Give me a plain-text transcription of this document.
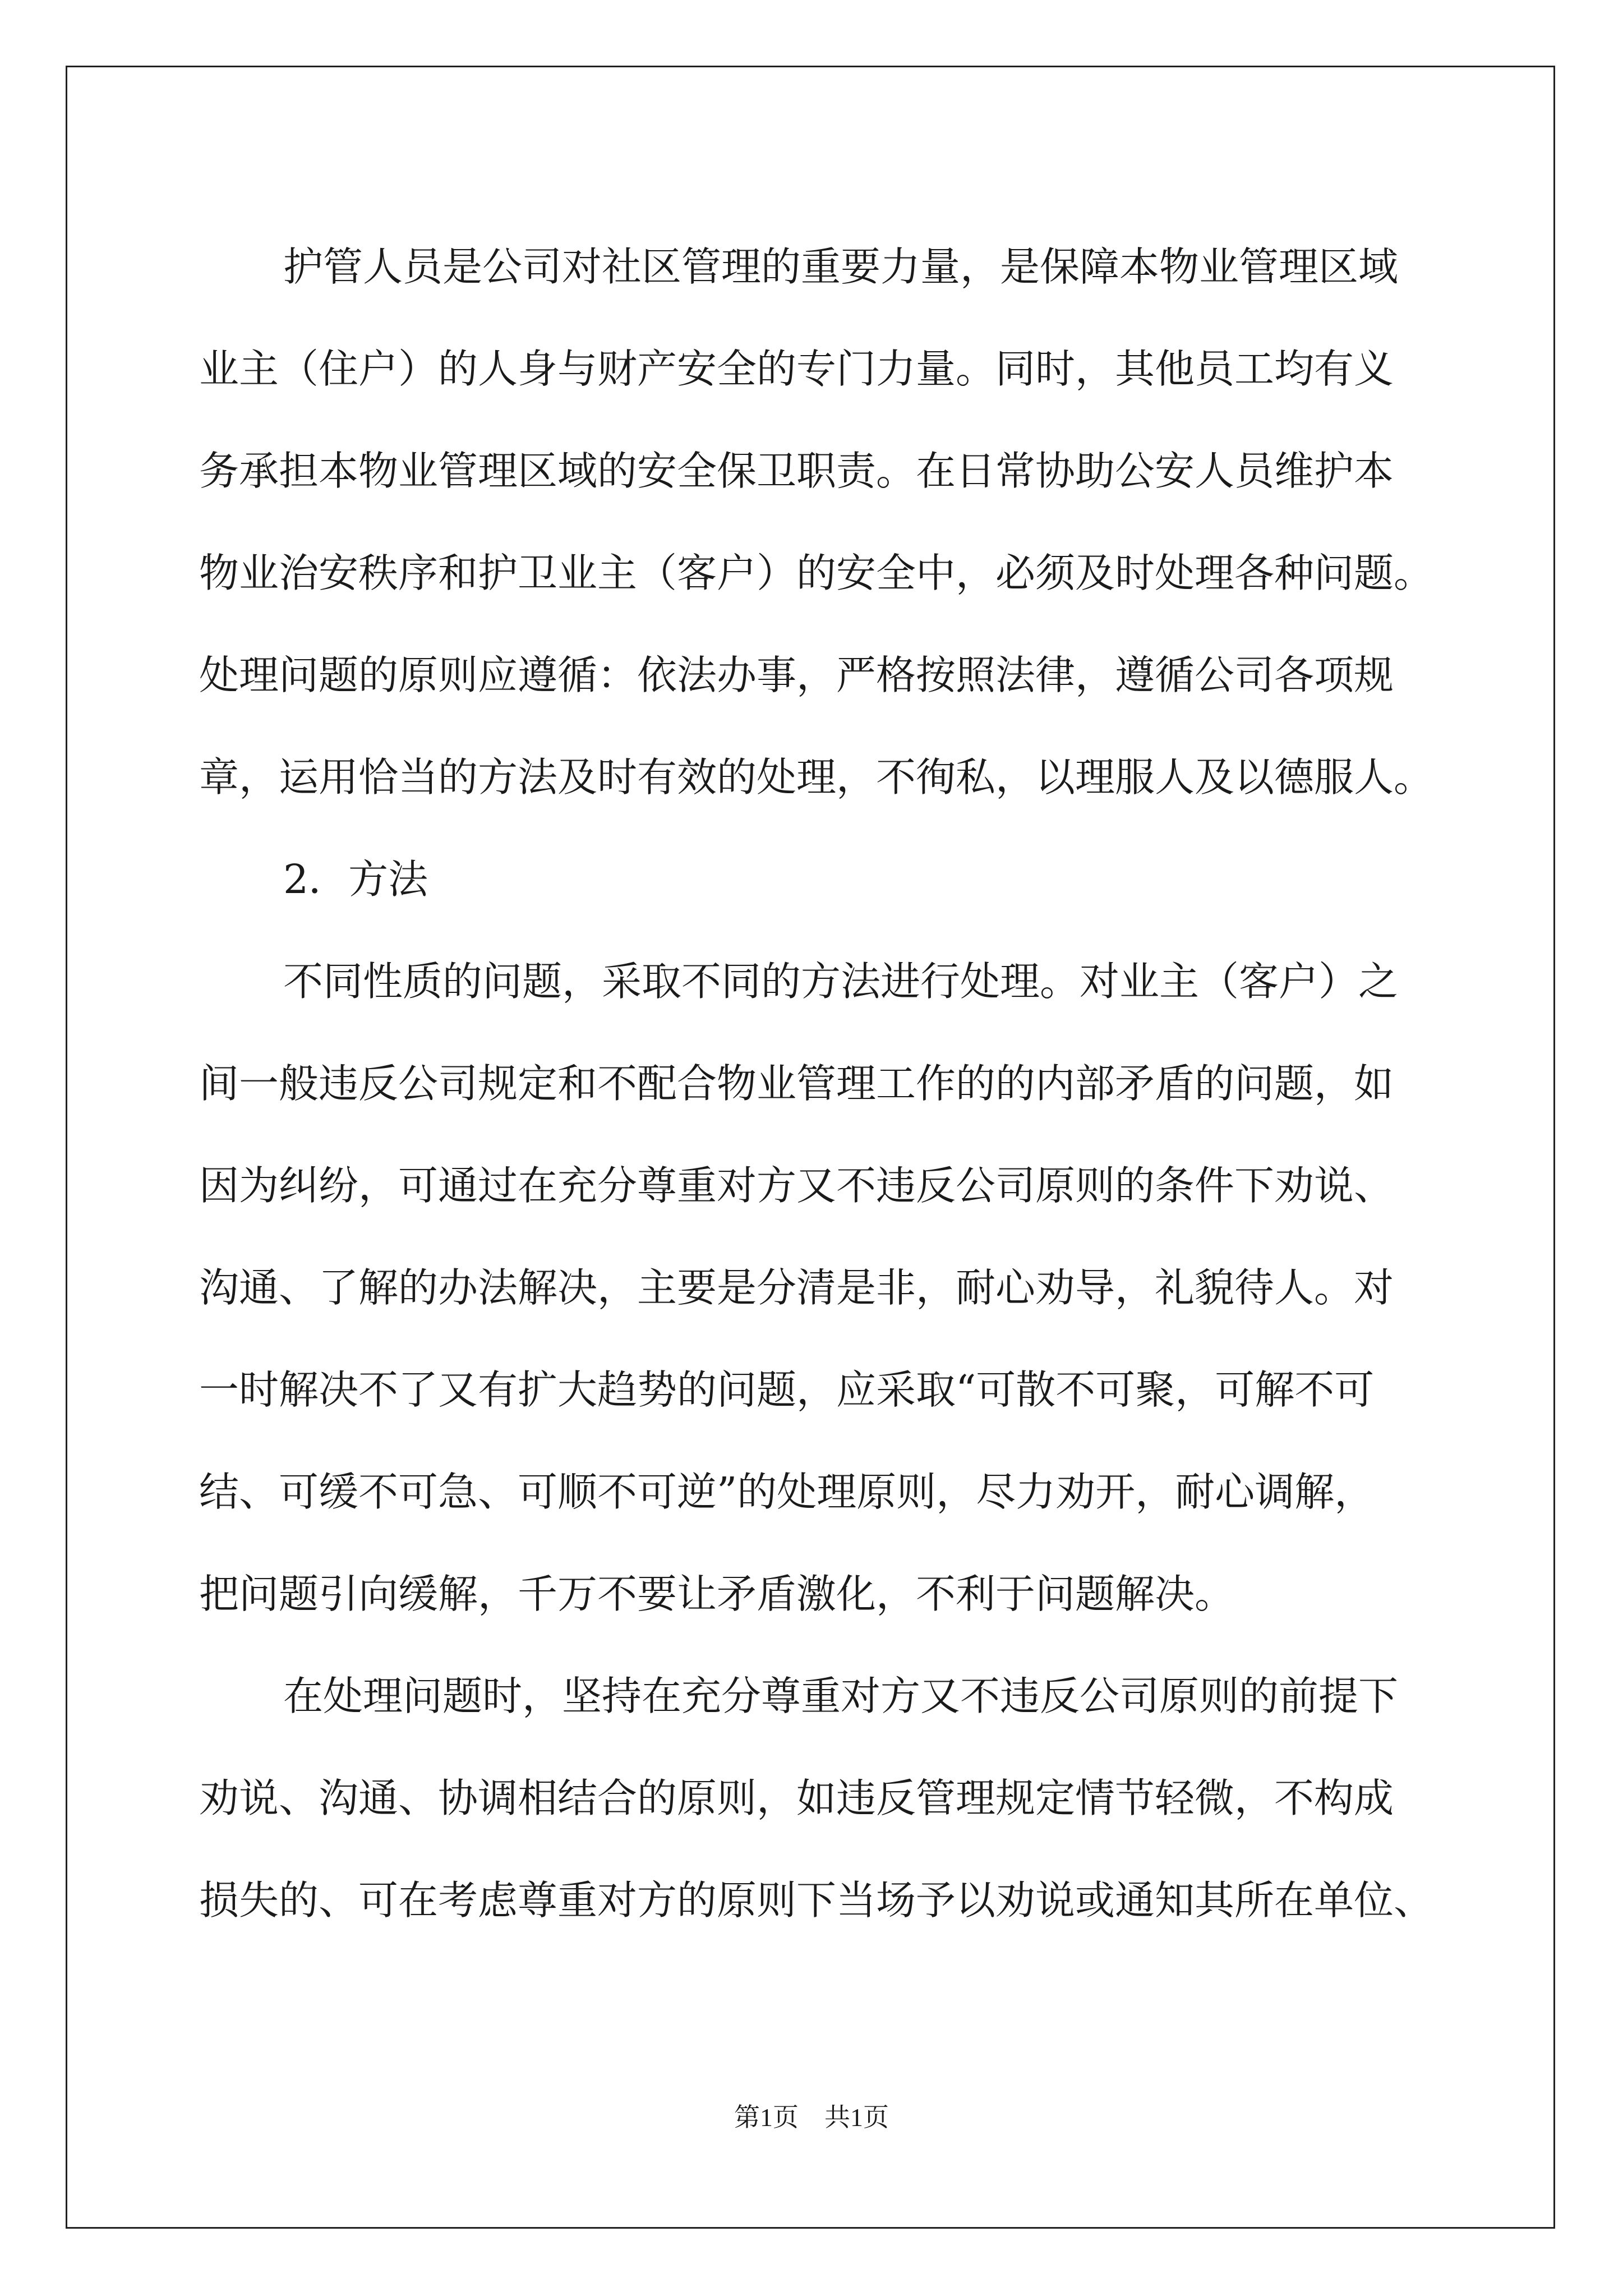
护管人员是公司对社区管理的重要力量，是保障本物业管理区域
业主（住户）的人身与财产安全的专门力量。同时，其他员工均有义
务承担本物业管理区域的安全保卫职责。在日常协助公安人员维护本
物业治安秩序和护卫业主（客户）的安全中，必须及时处理各种问题。
处理问题的原则应遵循：依法办事，严格按照法律，遵循公司各项规
章，运用恰当的方法及时有效的处理，不徇私，以理服人及以德服人。
2．方法
不同性质的问题，采取不同的方法进行处理。对业主（客户）之
间一般违反公司规定和不配合物业管理工作的的内部矛盾的问题，如
因为纠纷，可通过在充分尊重对方又不违反公司原则的条件下劝说、
沟通、了解的办法解决，主要是分清是非，耐心劝导，礼貌待人。对
一时解决不了又有扩大趋势的问题，应采取“可散不可聚，可解不可
结、可缓不可急、可顺不可逆”的处理原则，尽力劝开，耐心调解，
把问题引向缓解，千万不要让矛盾激化，不利于问题解决。
在处理问题时，坚持在充分尊重对方又不违反公司原则的前提下
劝说、沟通、协调相结合的原则，如违反管理规定情节轻微，不构成
损失的、可在考虑尊重对方的原则下当场予以劝说或通知其所在单位、
第1页　共1页
